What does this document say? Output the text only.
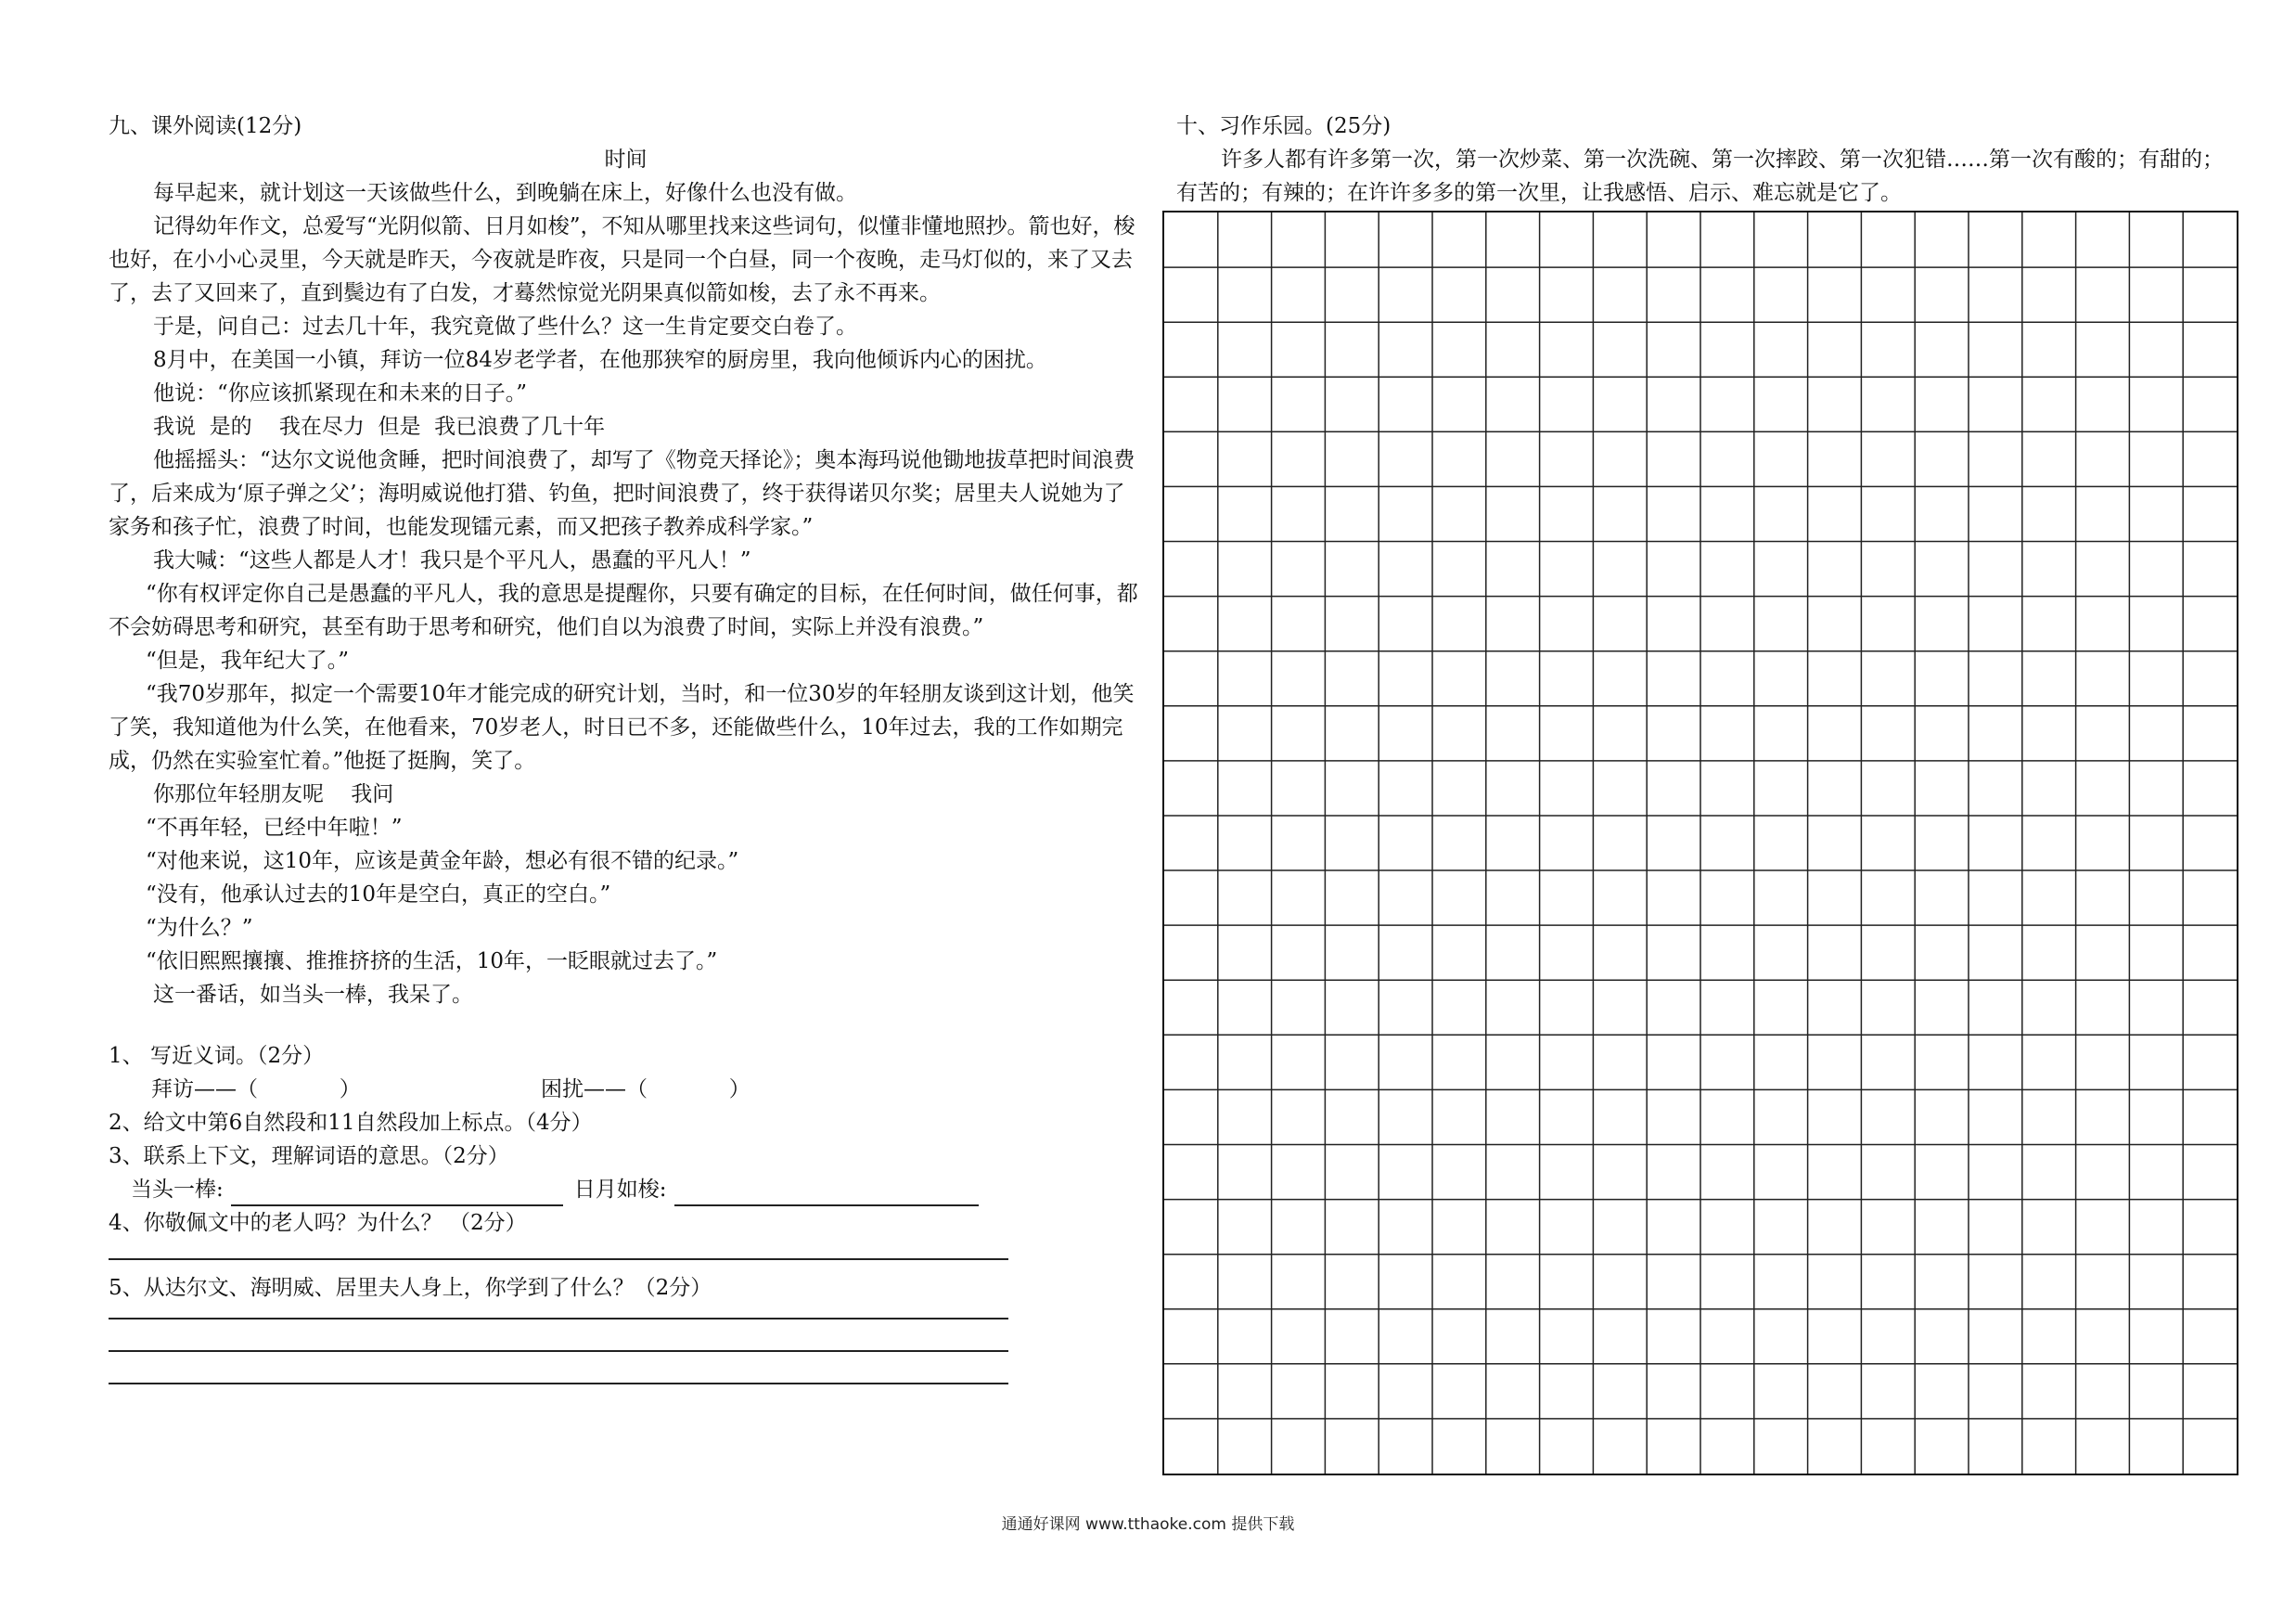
九、课外阅读(12分)

时间

每早起来，就计划这一天该做些什么，到晚躺在床上，好像什么也没有做。

记得幼年作文，总爱写“光阴似箭、日月如梭”，不知从哪里找来这些词句，似懂非懂地照抄。箭也好，梭也好，在小小心灵里，今天就是昨天，今夜就是昨夜，只是同一个白昼，同一个夜晚，走马灯似的，来了又去了，去了又回来了，直到鬓边有了白发，才蓦然惊觉光阴果真似箭如梭，去了永不再来。

于是，问自己：过去几十年，我究竟做了些什么？这一生肯定要交白卷了。

8月中，在美国一小镇，拜访一位84岁老学者，在他那狭窄的厨房里，我向他倾诉内心的困扰。

他说：“你应该抓紧现在和未来的日子。”

我说  是的    我在尽力  但是  我已浪费了几十年

他摇摇头：“达尔文说他贪睡，把时间浪费了，却写了《物竞天择论》；奥本海玛说他锄地拔草把时间浪费了，后来成为‘原子弹之父’；海明威说他打猎、钓鱼，把时间浪费了，终于获得诺贝尔奖；居里夫人说她为了家务和孩子忙，浪费了时间，也能发现镭元素，而又把孩子教养成科学家。”

我大喊：“这些人都是人才！我只是个平凡人，愚蠢的平凡人！”

“你有权评定你自己是愚蠢的平凡人，我的意思是提醒你，只要有确定的目标，在任何时间，做任何事，都不会妨碍思考和研究，甚至有助于思考和研究，他们自以为浪费了时间，实际上并没有浪费。”

“但是，我年纪大了。”

“我70岁那年，拟定一个需要10年才能完成的研究计划，当时，和一位30岁的年轻朋友谈到这计划，他笑了笑，我知道他为什么笑，在他看来，70岁老人，时日已不多，还能做些什么，10年过去，我的工作如期完成，仍然在实验室忙着。”他挺了挺胸，笑了。

你那位年轻朋友呢    我问

“不再年轻，已经中年啦！”

“对他来说，这10年，应该是黄金年龄，想必有很不错的纪录。”

“没有，他承认过去的10年是空白，真正的空白。”

“为什么？”

“依旧熙熙攘攘、推推挤挤的生活，10年，一眨眼就过去了。”

这一番话，如当头一棒，我呆了。

1、 写近义词。（2分）

拜访——（            ）	困扰——（            ）

2、给文中第6自然段和11自然段加上标点。（4分）

3、联系上下文，理解词语的意思。（2分）

当头一棒:	日月如梭:

4、你敬佩文中的老人吗？为什么？ （2分）

5、从达尔文、海明威、居里夫人身上，你学到了什么？（2分）

十、习作乐园。(25分)

许多人都有许多第一次，第一次炒菜、第一次洗碗、第一次摔跤、第一次犯错……第一次有酸的；有甜的；有苦的；有辣的；在许许多多的第一次里，让我感悟、启示、难忘就是它了。

通通好课网 www.tthaoke.com 提供下载
